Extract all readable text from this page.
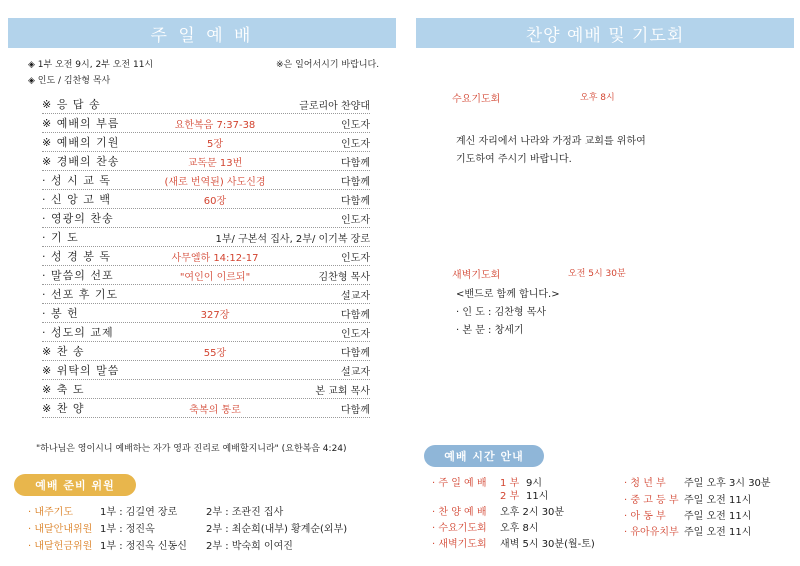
주 일 예 배
◈ 1부 오전 9시, 2부 오전 11시	※은 일어서시기 바랍니다.
◈ 인도 / 김찬형 목사
※ 응 답 송	글로리아 찬양대
※ 예배의 부름	요한복음 7:37-38	인도자
※ 예배의 기원	5장	인도자
※ 경배의 찬송	교독문 13번	다함께
· 성 시 교 독	(새로 번역된) 사도신경	다함께
· 신 앙 고 백	60장	다함께
· 영광의 찬송	인도자
· 기 도	1부/ 구본석 집사, 2부/ 이기복 장로
· 성 경 봉 독	사무엘하 14:12-17	인도자
· 말씀의 선포	"여인이 이르되"	김찬형 목사
· 선포 후 기도	설교자
· 봉 헌	327장	다함께
· 성도의 교제	인도자
※ 찬 송	55장	다함께
※ 위탁의 말씀	설교자
※ 축 도	본 교회 목사
※ 찬 양	축복의 통로	다함께
"하나님은 영이시니 예배하는 자가 영과 진리로 예배할지니라" (요한복음 4:24)
예배 준비 위원
· 내주기도	1부 : 김길연 장로	2부 : 조관진 집사
· 내달안내위원 1부 : 정진옥	2부 : 최순희(내부) 황계순(외부)
· 내달헌금위원 1부 : 정진옥 신동신 2부 : 박숙희 이여진
찬양 예배 및 기도회
수요기도회	오후 8시
계신 자리에서 나라와 가정과 교회를 위하여
기도하여 주시기 바랍니다.
새벽기도회	오전 5시 30분
<밴드로 함께 합니다.>
· 인 도 : 김찬형 목사
· 본 문 : 창세기
예배 시간 안내
· 주 일 예 배 1 부 9시
2 부 11시
· 찬 양 예 배 오후 2시 30분
· 수요기도회 오후 8시
· 새벽기도회 새벽 5시 30분(월-토)
· 청 년 부 주일 오후 3시 30분
· 중 고 등 부 주일 오전 11시
· 아 동 부 주일 오전 11시
· 유아유치부 주일 오전 11시
